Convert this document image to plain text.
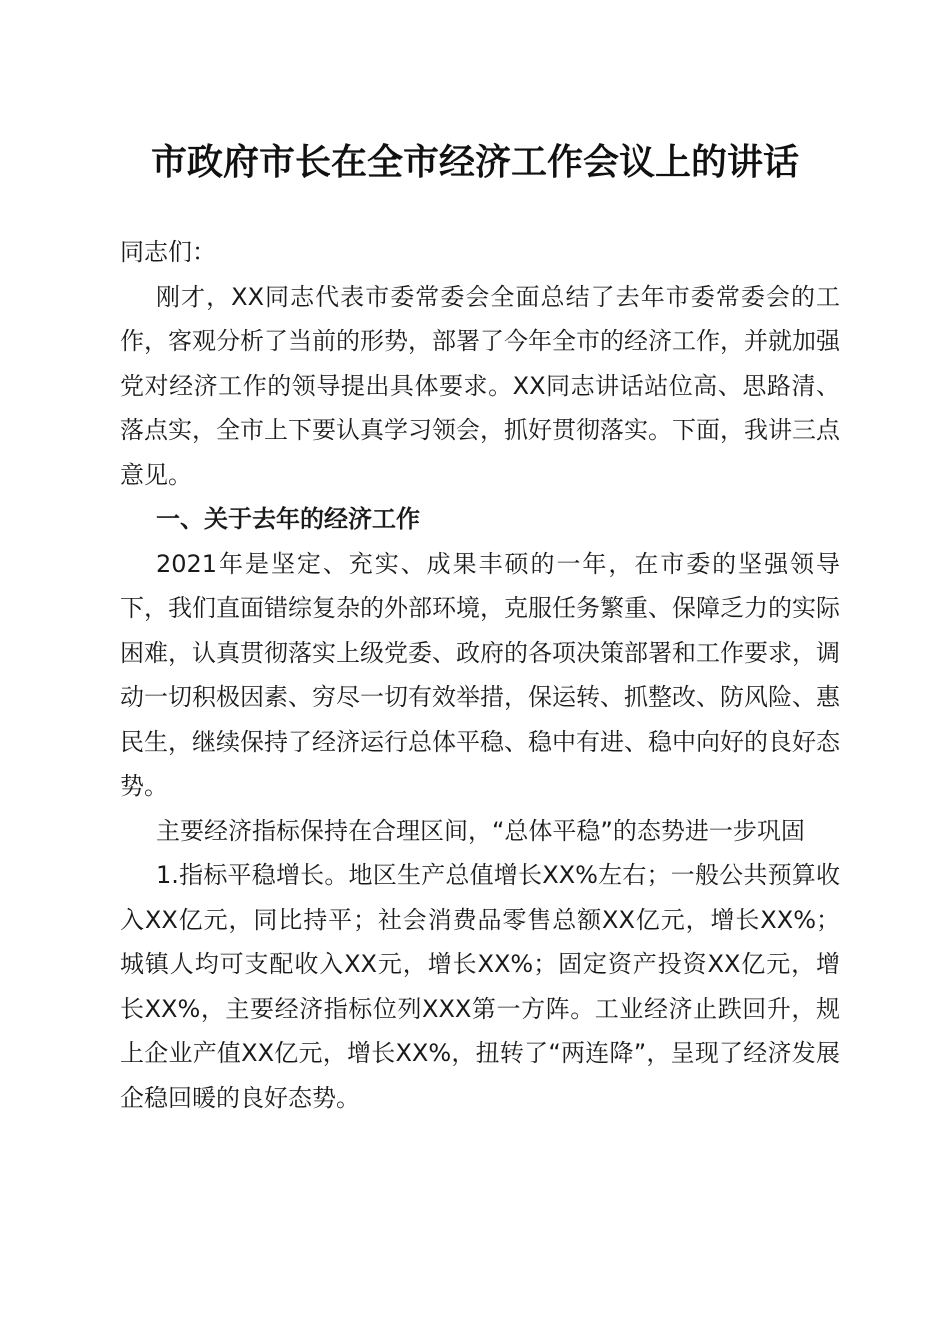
市政府市长在全市经济工作会议上的讲话

同志们：

刚才，XX同志代表市委常委会全面总结了去年市委常委会的工作，客观分析了当前的形势，部署了今年全市的经济工作，并就加强党对经济工作的领导提出具体要求。XX同志讲话站位高、思路清、落点实，全市上下要认真学习领会，抓好贯彻落实。下面，我讲三点意见。

一、关于去年的经济工作

2021年是坚定、充实、成果丰硕的一年，在市委的坚强领导下，我们直面错综复杂的外部环境，克服任务繁重、保障乏力的实际困难，认真贯彻落实上级党委、政府的各项决策部署和工作要求，调动一切积极因素、穷尽一切有效举措，保运转、抓整改、防风险、惠民生，继续保持了经济运行总体平稳、稳中有进、稳中向好的良好态势。

主要经济指标保持在合理区间，“总体平稳”的态势进一步巩固

1.指标平稳增长。地区生产总值增长XX%左右；一般公共预算收入XX亿元，同比持平；社会消费品零售总额XX亿元，增长XX%；城镇人均可支配收入XX元，增长XX%；固定资产投资XX亿元，增长XX%，主要经济指标位列XXX第一方阵。工业经济止跌回升，规上企业产值XX亿元，增长XX%，扭转了“两连降”，呈现了经济发展企稳回暖的良好态势。
